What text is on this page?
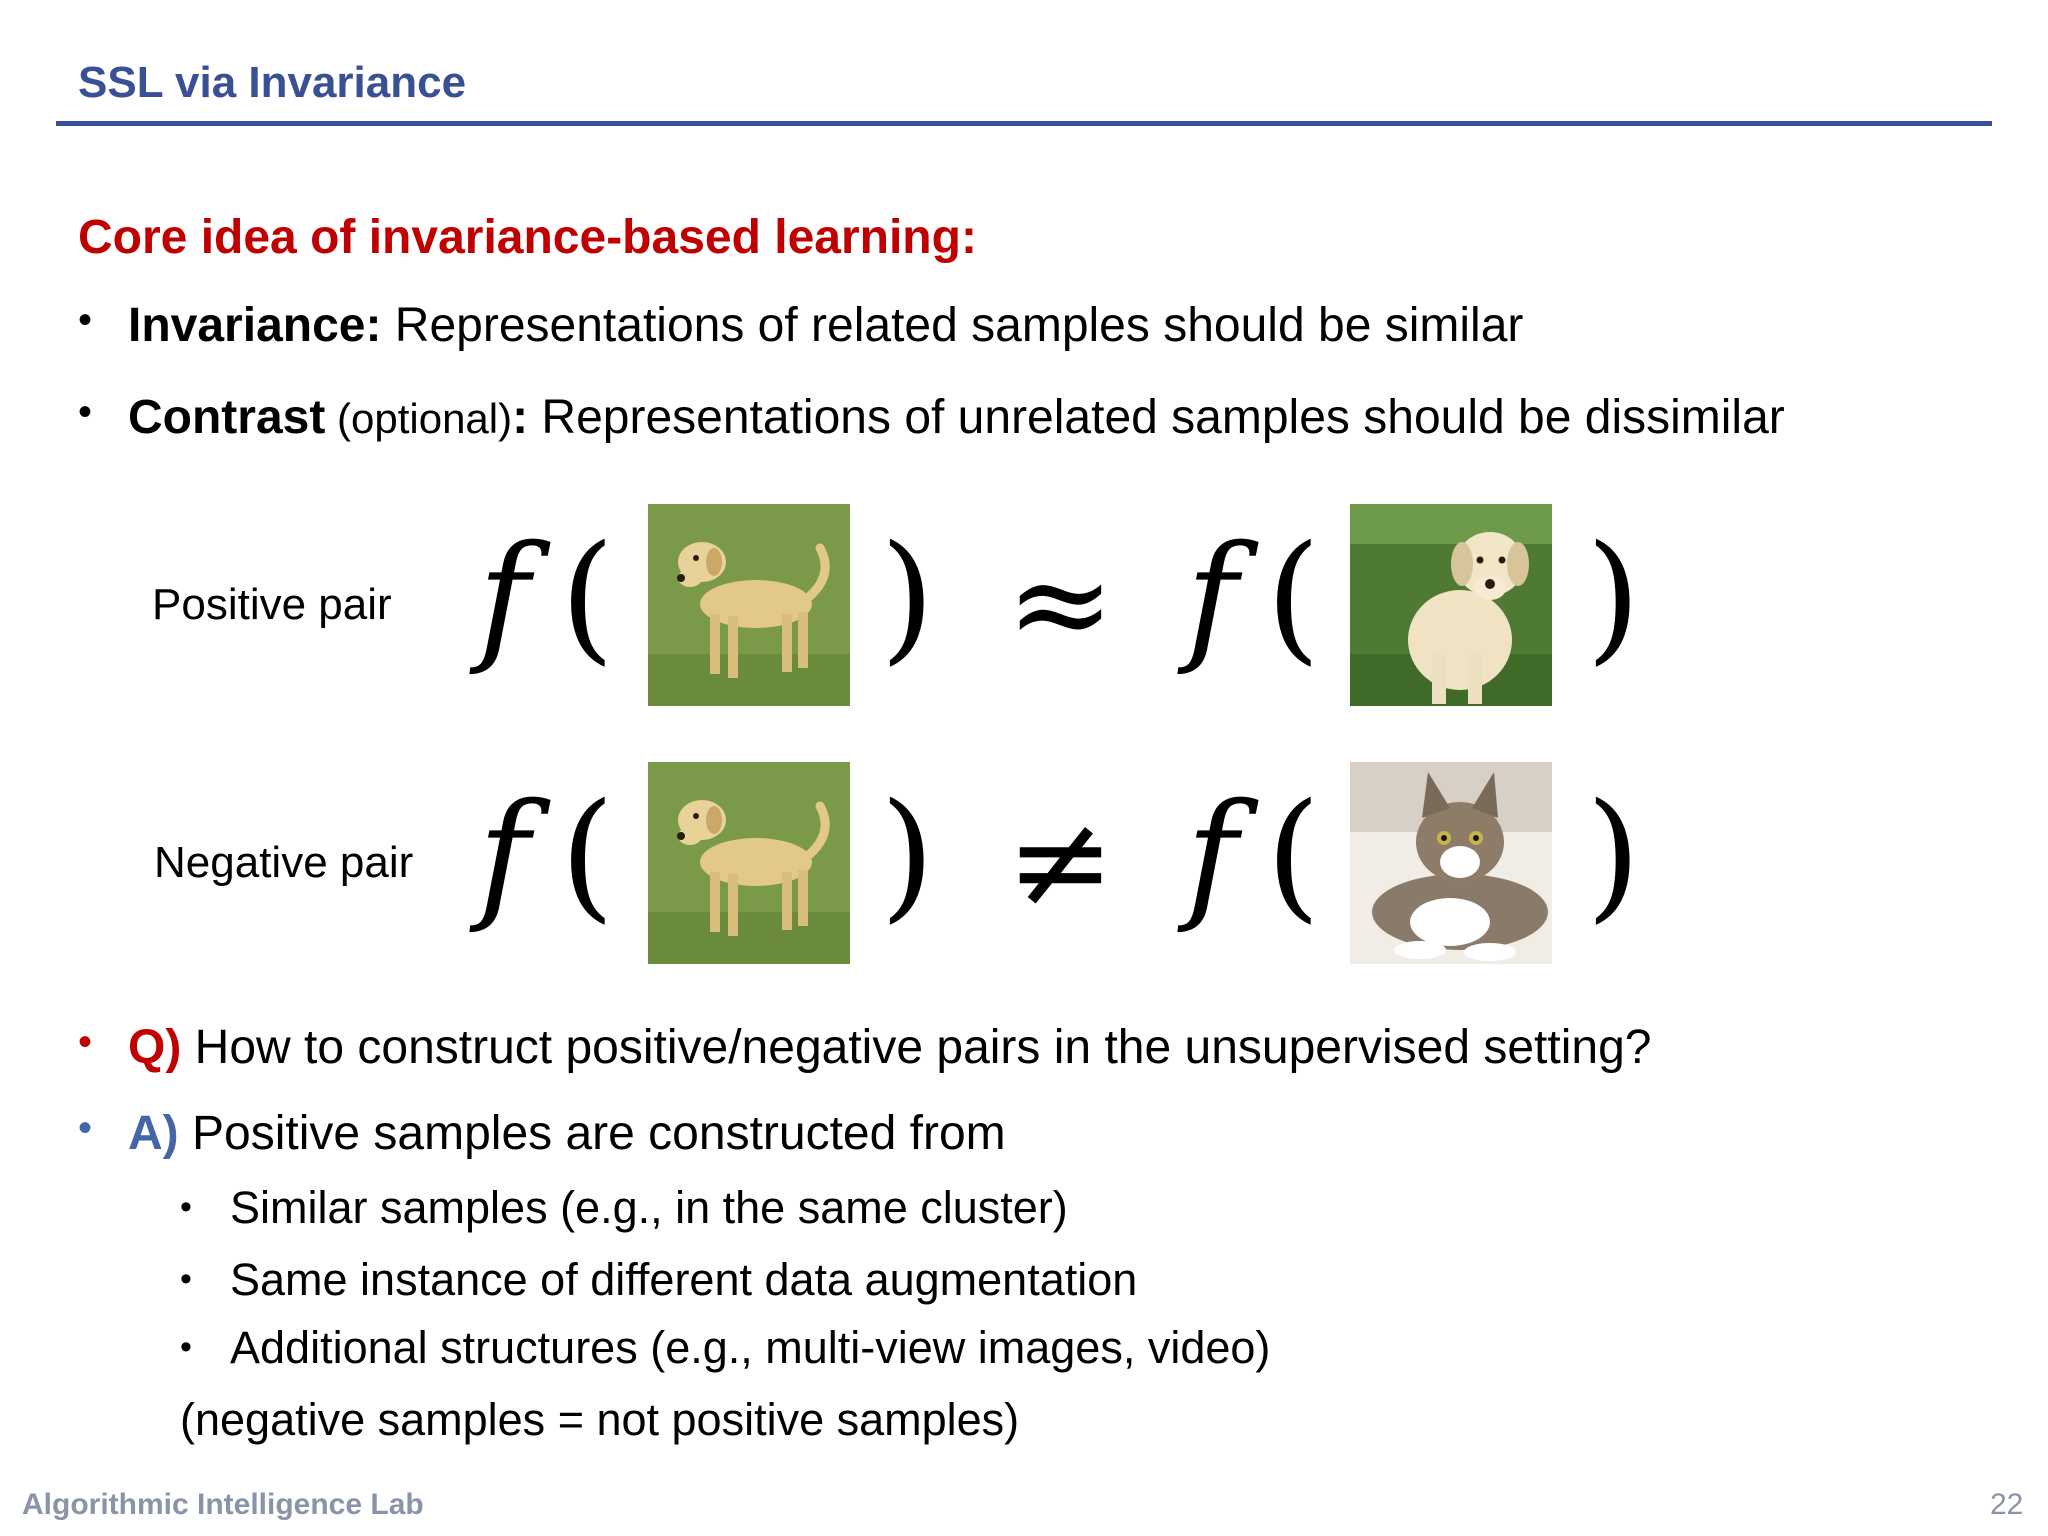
SSL via Invariance
Core idea of invariance-based learning:
• Invariance: Representations of related samples should be similar
• Contrast (optional): Representations of unrelated samples should be dissimilar
Positive pair f ( ) ≈ f ( )
Negative pair f ( ) ≠ f ( )
• Q) How to construct positive/negative pairs in the unsupervised setting?
• A) Positive samples are constructed from
• Similar samples (e.g., in the same cluster)
• Same instance of different data augmentation
• Additional structures (e.g., multi-view images, video)
(negative samples = not positive samples)
Algorithmic Intelligence Lab	22
